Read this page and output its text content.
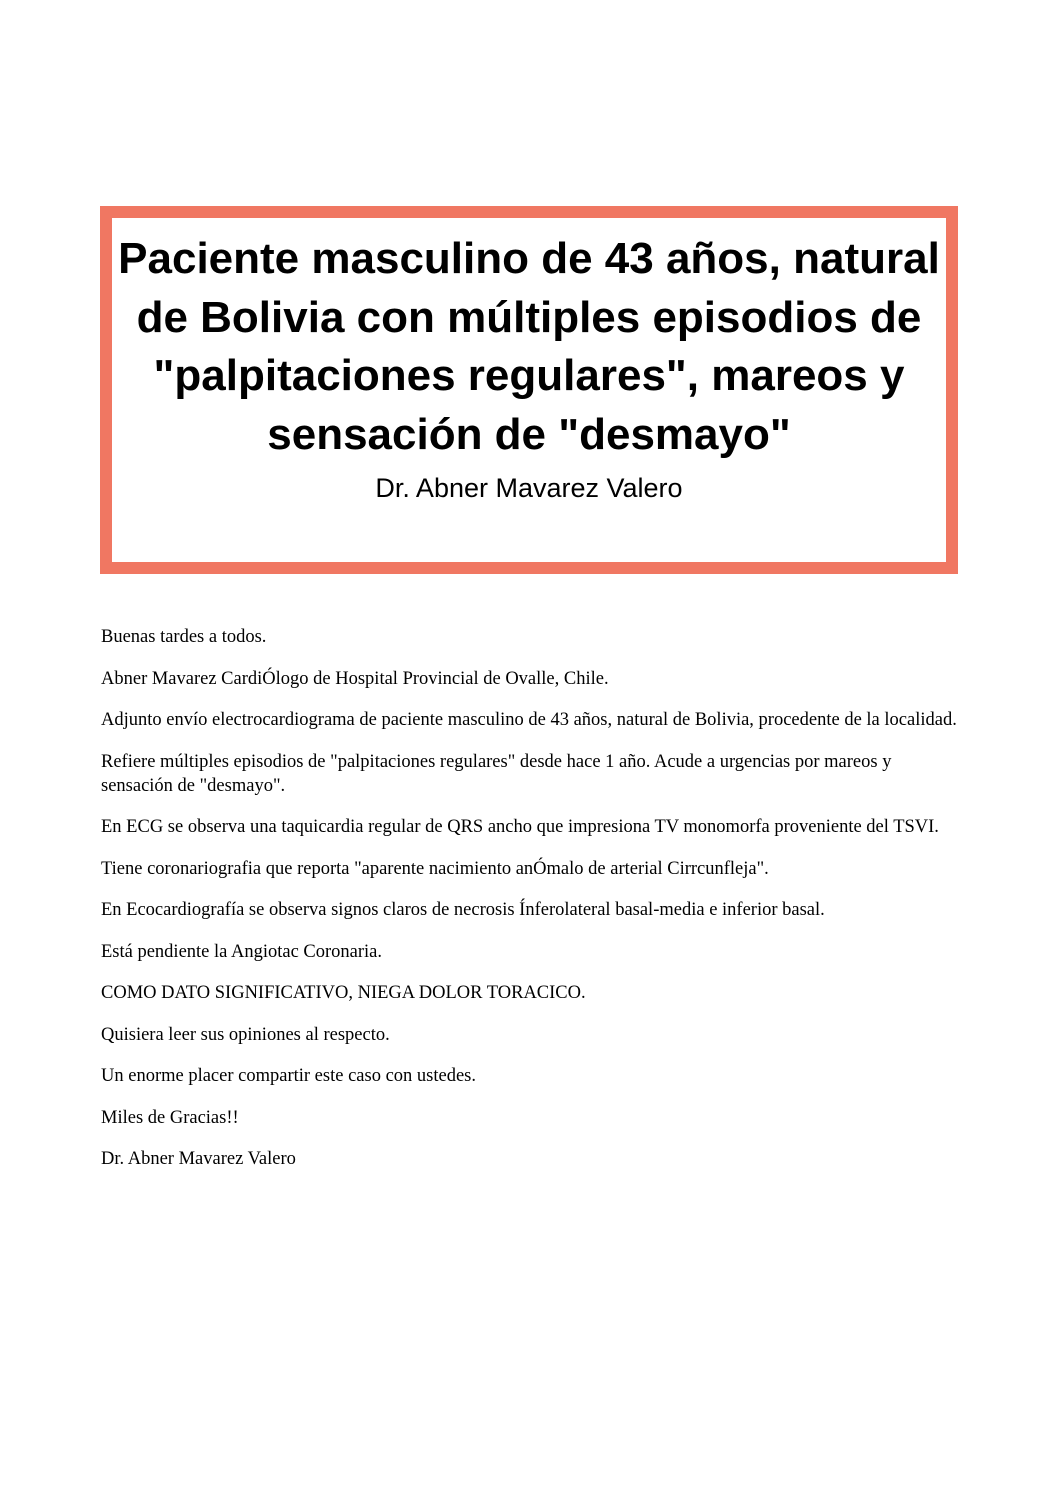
Paciente masculino de 43 años, natural de Bolivia con múltiples episodios de "palpitaciones regulares", mareos y sensación de "desmayo"
Dr. Abner Mavarez Valero

Buenas tardes a todos.

Abner Mavarez CardiÓlogo de Hospital Provincial de Ovalle, Chile.

Adjunto envío electrocardiograma de paciente masculino de 43 años, natural de Bolivia, procedente de la localidad.

Refiere múltiples episodios de "palpitaciones regulares" desde hace 1 año. Acude a urgencias por mareos y sensación de "desmayo".

En ECG se observa una taquicardia regular de QRS ancho que impresiona TV monomorfa proveniente del TSVI.

Tiene coronariografia que reporta "aparente nacimiento anÓmalo de arterial Cirrcunfleja".

En Ecocardiografía se observa signos claros de necrosis Ínferolateral basal-media e inferior basal.

Está pendiente la Angiotac Coronaria.

COMO DATO SIGNIFICATIVO, NIEGA DOLOR TORACICO.

Quisiera leer sus opiniones al respecto.

Un enorme placer compartir este caso con ustedes.

Miles de Gracias!!

Dr. Abner Mavarez Valero
